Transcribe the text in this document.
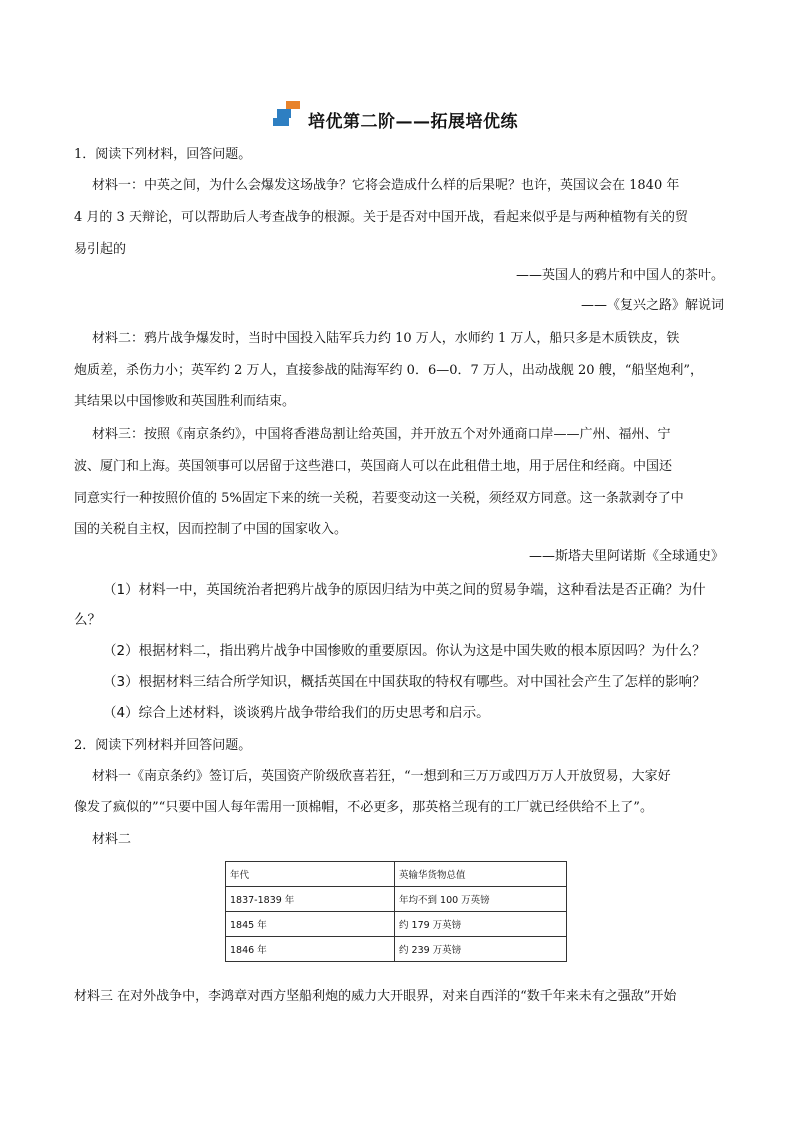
培优第二阶——拓展培优练
1．阅读下列材料，回答问题。
材料一：中英之间，为什么会爆发这场战争？它将会造成什么样的后果呢？也许，英国议会在 1840 年
4 月的 3 天辩论，可以帮助后人考查战争的根源。关于是否对中国开战，看起来似乎是与两种植物有关的贸
易引起的
——英国人的鸦片和中国人的茶叶。
——《复兴之路》解说词
材料二：鸦片战争爆发时，当时中国投入陆军兵力约 10 万人，水师约 1 万人，船只多是木质铁皮，铁
炮质差，杀伤力小；英军约 2 万人，直接参战的陆海军约 0．6—0．7 万人，出动战舰 20 艘，“船坚炮利”，
其结果以中国惨败和英国胜利而结束。
材料三：按照《南京条约》，中国将香港岛割让给英国，并开放五个对外通商口岸——广州、福州、宁
波、厦门和上海。英国领事可以居留于这些港口，英国商人可以在此租借土地，用于居住和经商。中国还
同意实行一种按照价值的 5%固定下来的统一关税，若要变动这一关税，须经双方同意。这一条款剥夺了中
国的关税自主权，因而控制了中国的国家收入。
——斯塔夫里阿诺斯《全球通史》
（1）材料一中，英国统治者把鸦片战争的原因归结为中英之间的贸易争端，这种看法是否正确？为什
么？
（2）根据材料二，指出鸦片战争中国惨败的重要原因。你认为这是中国失败的根本原因吗？为什么？
（3）根据材料三结合所学知识，概括英国在中国获取的特权有哪些。对中国社会产生了怎样的影响？
（4）综合上述材料，谈谈鸦片战争带给我们的历史思考和启示。
2．阅读下列材料并回答问题。
材料一《南京条约》签订后，英国资产阶级欣喜若狂，“一想到和三万万或四万万人开放贸易，大家好
像发了疯似的”“只要中国人每年需用一顶棉帽，不必更多，那英格兰现有的工厂就已经供给不上了”。
材料二
年代	英输华货物总值
1837-1839 年	年均不到 100 万英镑
1845 年	约 179 万英镑
1846 年	约 239 万英镑
材料三 在对外战争中，李鸿章对西方坚船利炮的威力大开眼界，对来自西洋的“数千年来未有之强敌”开始
